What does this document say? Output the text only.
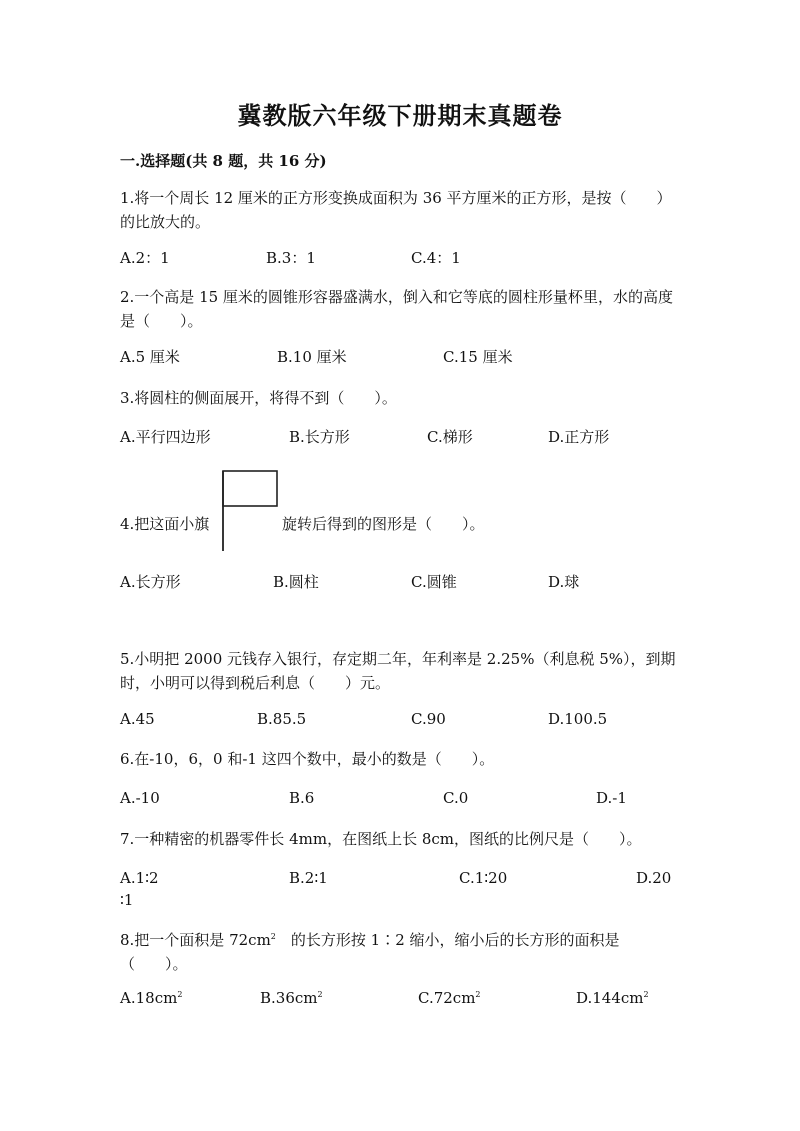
冀教版六年级下册期末真题卷
一.选择题(共 8 题，共 16 分)
1.将一个周长 12 厘米的正方形变换成面积为 36 平方厘米的正方形，是按（　　）的比放大的。
A.2：1	B.3：1	C.4：1
2.一个高是 15 厘米的圆锥形容器盛满水，倒入和它等底的圆柱形量杯里，水的高度是（　　）。
A.5 厘米	B.10 厘米	C.15 厘米
3.将圆柱的侧面展开，将得不到（　　）。
A.平行四边形	B.长方形	C.梯形	D.正方形
4.把这面小旗	旋转后得到的图形是（　　）。
A.长方形	B.圆柱	C.圆锥	D.球
5.小明把 2000 元钱存入银行，存定期二年，年利率是 2.25%（利息税 5%），到期时，小明可以得到税后利息（　　）元。
A.45	B.85.5	C.90	D.100.5
6.在-10，6，0 和-1 这四个数中，最小的数是（　　）。
A.-10	B.6	C.0	D.-1
7.一种精密的机器零件长 4mm，在图纸上长 8cm，图纸的比例尺是（　　）。
A.1∶2	B.2∶1	C.1∶20	D.20
∶1
8.把一个面积是 $72cm^2$　 的长方形按 1∶2 缩小，缩小后的长方形的面积是（　　）。
$A.18cm^2$	$B.36cm^2$	$C.72cm^2$	$D.144cm^2$
